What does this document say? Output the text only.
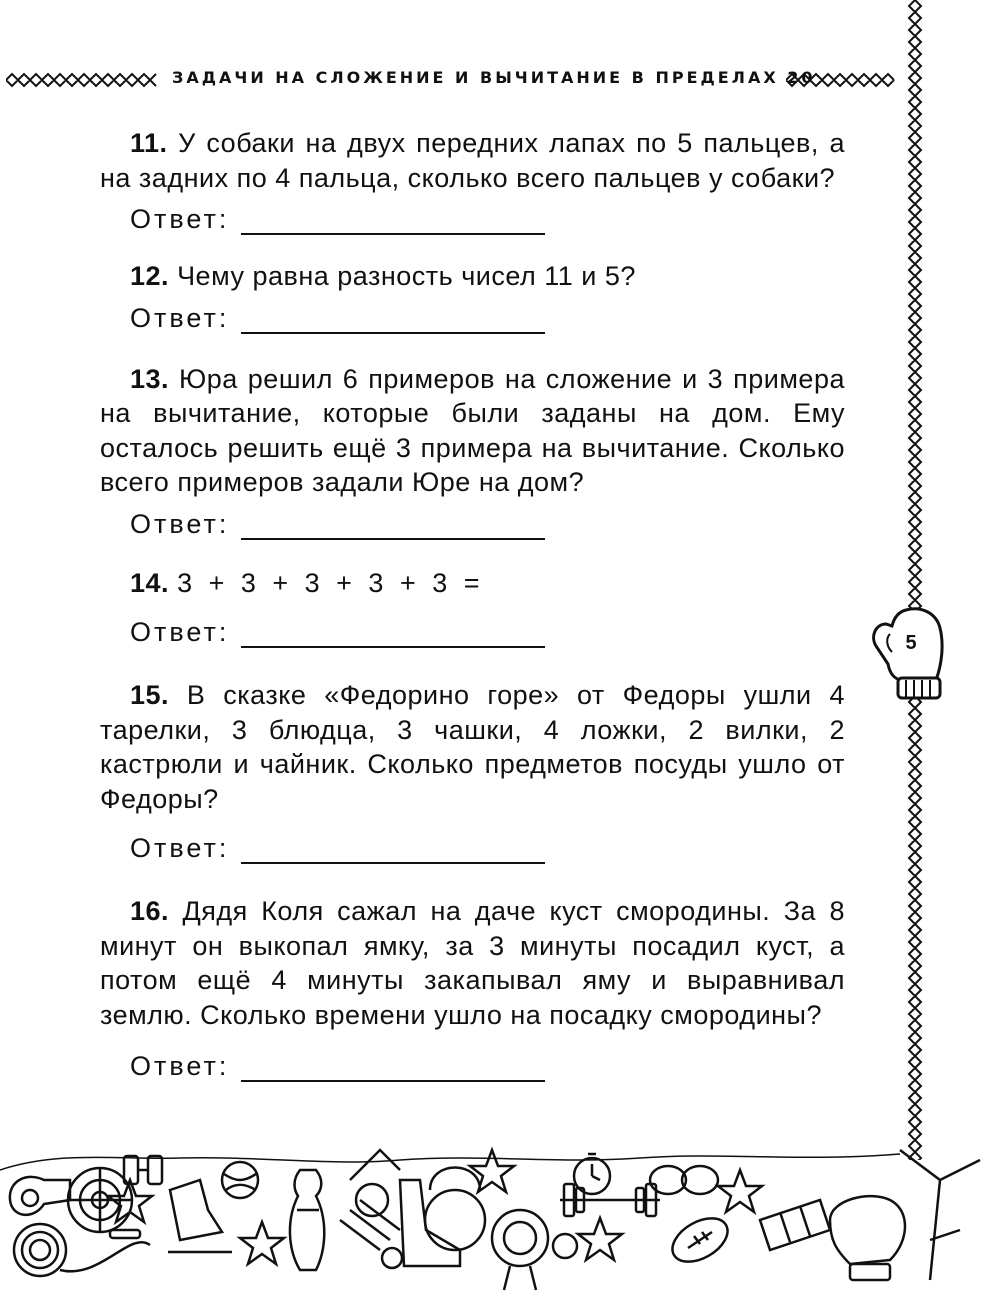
ЗАДАЧИ НА СЛОЖЕНИЕ И ВЫЧИТАНИЕ В ПРЕДЕЛАХ 20
5

11. У собаки на двух передних лапах по 5 пальцев, а на задних по 4 пальца, сколько всего пальцев у собаки?

Ответ:

12. Чему равна разность чисел 11 и 5?

Ответ:

13. Юра решил 6 примеров на сложение и 3 примера на вычитание, которые были заданы на дом. Ему осталось решить ещё 3 примера на вычитание. Сколько всего примеров задали Юре на дом?

Ответ:

14. 3 + 3 + 3 + 3 + 3 =

Ответ:

15. В сказке «Федорино горе» от Федоры ушли 4 тарелки, 3 блюдца, 3 чашки, 4 ложки, 2 вилки, 2 кастрюли и чайник. Сколько предметов посуды ушло от Федоры?

Ответ:

16. Дядя Коля сажал на даче куст смородины. За 8 минут он выкопал ямку, за 3 минуты посадил куст, а потом ещё 4 минуты закапывал яму и выравнивал землю. Сколько времени ушло на посадку смородины?

Ответ:
